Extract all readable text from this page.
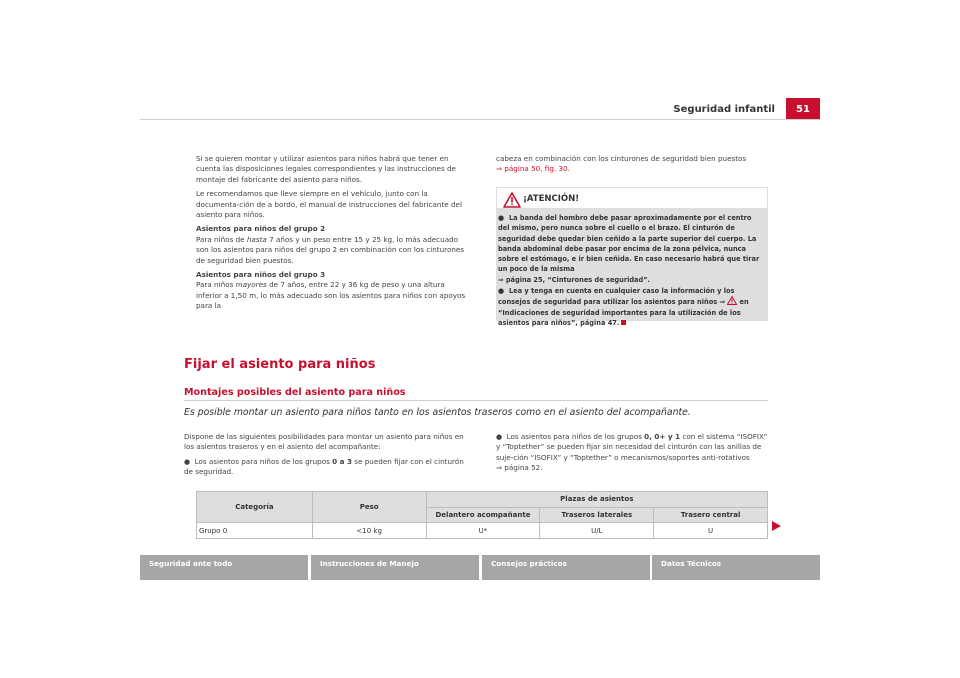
Seguridad infantil	51

Si se quieren montar y utilizar asientos para niños habrá que tener en cuenta las disposiciones legales correspondientes y las instrucciones de montaje del fabricante del asiento para niños.

Le recomendamos que lleve siempre en el vehículo, junto con la documenta-ción de a bordo, el manual de instrucciones del fabricante del asiento para niños.

Asientos para niños del grupo 2

Para niños de hasta 7 años y un peso entre 15 y 25 kg, lo más adecuado son los asientos para niños del grupo 2 en combinación con los cinturones de seguridad bien puestos.

Asientos para niños del grupo 3

Para niños mayores de 7 años, entre 22 y 36 kg de peso y una altura inferior a 1,50 m, lo más adecuado son los asientos para niños con apoyos para la

cabeza en combinación con los cinturones de seguridad bien puestos
⇒ página 50, fig. 30.

¡ATENCIÓN!

●  La banda del hombro debe pasar aproximadamente por el centro del mismo, pero nunca sobre el cuello o el brazo. El cinturón de seguridad debe quedar bien ceñido a la parte superior del cuerpo. La banda abdominal debe pasar por encima de la zona pélvica, nunca sobre el estómago, e ir bien ceñida. En caso necesario habrá que tirar un poco de la misma
⇒ página 25, “Cinturones de seguridad”.

●  Lea y tenga en cuenta en cualquier caso la información y los consejos de seguridad para utilizar los asientos para niños ⇒  en “Indicaciones de seguridad importantes para la utilización de los asientos para niños”, página 47.

Fijar el asiento para niños
Montajes posibles del asiento para niños
Es posible montar un asiento para niños tanto en los asientos traseros como en el asiento del acompañante.

Dispone de las siguientes posibilidades para montar un asiento para niños en los asientos traseros y en el asiento del acompañante:

●  Los asientos para niños de los grupos 0 a 3 se pueden fijar con el cinturón de seguridad.

●  Los asientos para niños de los grupos 0, 0+ y 1 con el sistema “ISOFIX” y “Toptether” se pueden fijar sin necesidad del cinturón con las anillas de suje-ción “ISOFIX” y “Toptether” o mecanismos/soportes anti-rotativos
⇒ página 52.

Categoría	Peso	Plazas de asientos		
		Delantero acompañante	Traseros laterales	Trasero central
Grupo 0	<10 kg	U*	U/L	U
Seguridad ante todo	Instrucciones de Manejo	Consejos prácticos	Datos Técnicos
